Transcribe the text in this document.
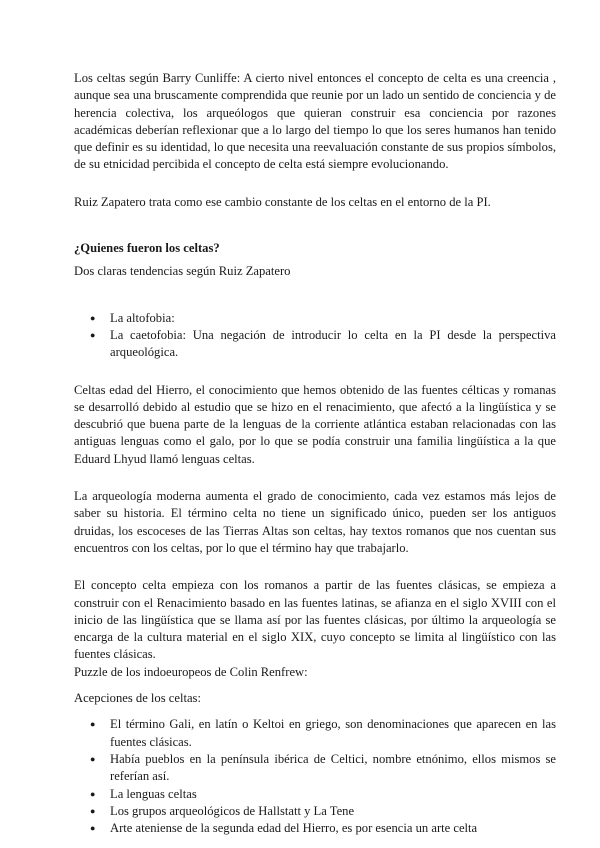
Los celtas según Barry Cunliffe: A cierto nivel entonces el concepto de celta es una creencia , aunque sea una bruscamente comprendida que reunie por un lado un sentido de conciencia y de herencia colectiva, los arqueólogos que quieran construir esa conciencia por razones académicas deberían reflexionar que a lo largo del tiempo lo que los seres humanos han tenido que definir es su identidad, lo que necesita una reevaluación constante de sus propios símbolos, de su etnicidad percibida el concepto de celta está siempre evolucionando.

Ruiz Zapatero trata como ese cambio constante de los celtas en el entorno de la PI.

¿Quienes fueron los celtas?

Dos claras tendencias según Ruiz Zapatero

● La altofobia:
● La caetofobia: Una negación de introducir lo celta en la PI desde la perspectiva arqueológica.

Celtas edad del Hierro, el conocimiento que hemos obtenido de las fuentes célticas y romanas se desarrolló debido al estudio que se hizo en el renacimiento, que afectó a la lingüística y se descubrió que buena parte de la lenguas de la corriente atlántica estaban relacionadas con las antiguas lenguas como el galo, por lo que se podía construir una familia lingüística a la que Eduard Lhyud llamó lenguas celtas.

La arqueología moderna aumenta el grado de conocimiento, cada vez estamos más lejos de saber su historia. El término celta no tiene un significado único, pueden ser los antiguos druidas, los escoceses de las Tierras Altas son celtas, hay textos romanos que nos cuentan sus encuentros con los celtas, por lo que el término hay que trabajarlo.

El concepto celta empieza con los romanos a partir de las fuentes clásicas, se empieza a construir con el Renacimiento basado en las fuentes latinas, se afianza en el siglo XVIII con el inicio de las lingüística que se llama así por las fuentes clásicas, por último la arqueología se encarga de la cultura material en el siglo XIX, cuyo concepto se limita al lingüístico con las fuentes clásicas.

Puzzle de los indoeuropeos de Colin Renfrew:

Acepciones de los celtas:

● El término Gali, en latín o Keltoi en griego, son denominaciones que aparecen en las fuentes clásicas.
● Había pueblos en la península ibérica de Celtici, nombre etnónimo, ellos mismos se referían así.
● La lenguas celtas
● Los grupos arqueológicos de Hallstatt y La Tene
● Arte ateniense de la segunda edad del Hierro, es por esencia un arte celta
